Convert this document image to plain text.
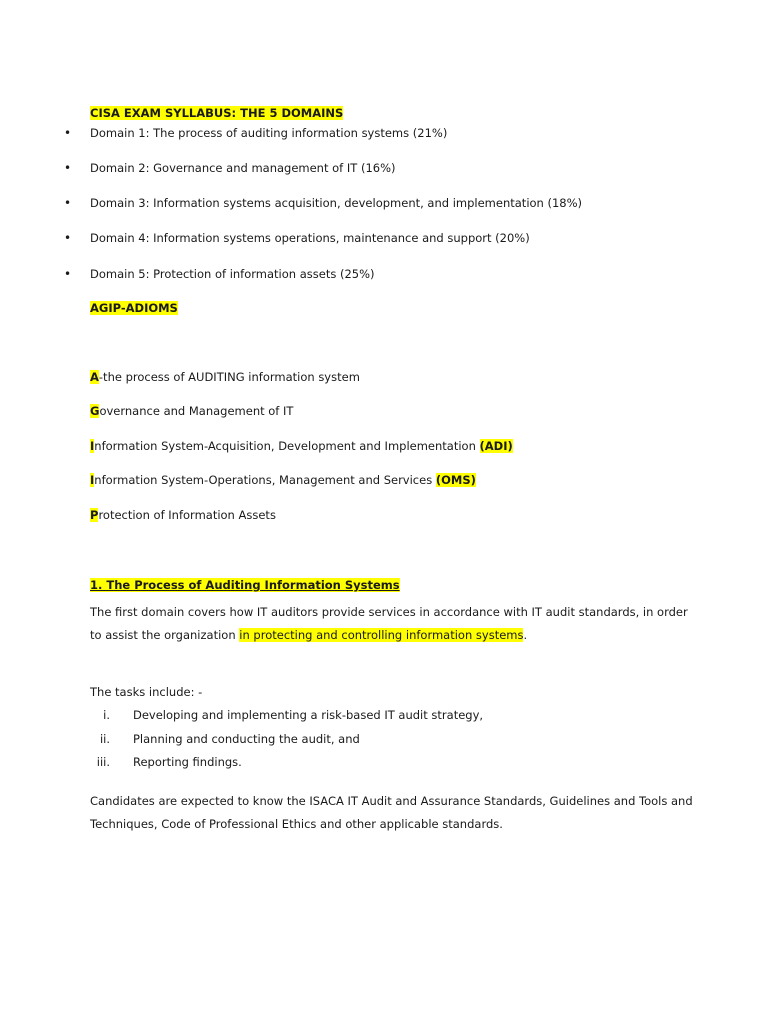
CISA EXAM SYLLABUS: THE 5 DOMAINS
• Domain 1: The process of auditing information systems (21%)
• Domain 2: Governance and management of IT (16%)
• Domain 3: Information systems acquisition, development, and implementation (18%)
• Domain 4: Information systems operations, maintenance and support (20%)
• Domain 5: Protection of information assets (25%)
AGIP-ADIOMS
A-the process of AUDITING information system
Governance and Management of IT
Information System-Acquisition, Development and Implementation (ADI)
Information System-Operations, Management and Services (OMS)
Protection of Information Assets
1. The Process of Auditing Information Systems
The first domain covers how IT auditors provide services in accordance with IT audit standards, in order
to assist the organization in protecting and controlling information systems.
The tasks include: -
i. Developing and implementing a risk-based IT audit strategy,
ii. Planning and conducting the audit, and
iii. Reporting findings.
Candidates are expected to know the ISACA IT Audit and Assurance Standards, Guidelines and Tools and
Techniques, Code of Professional Ethics and other applicable standards.
